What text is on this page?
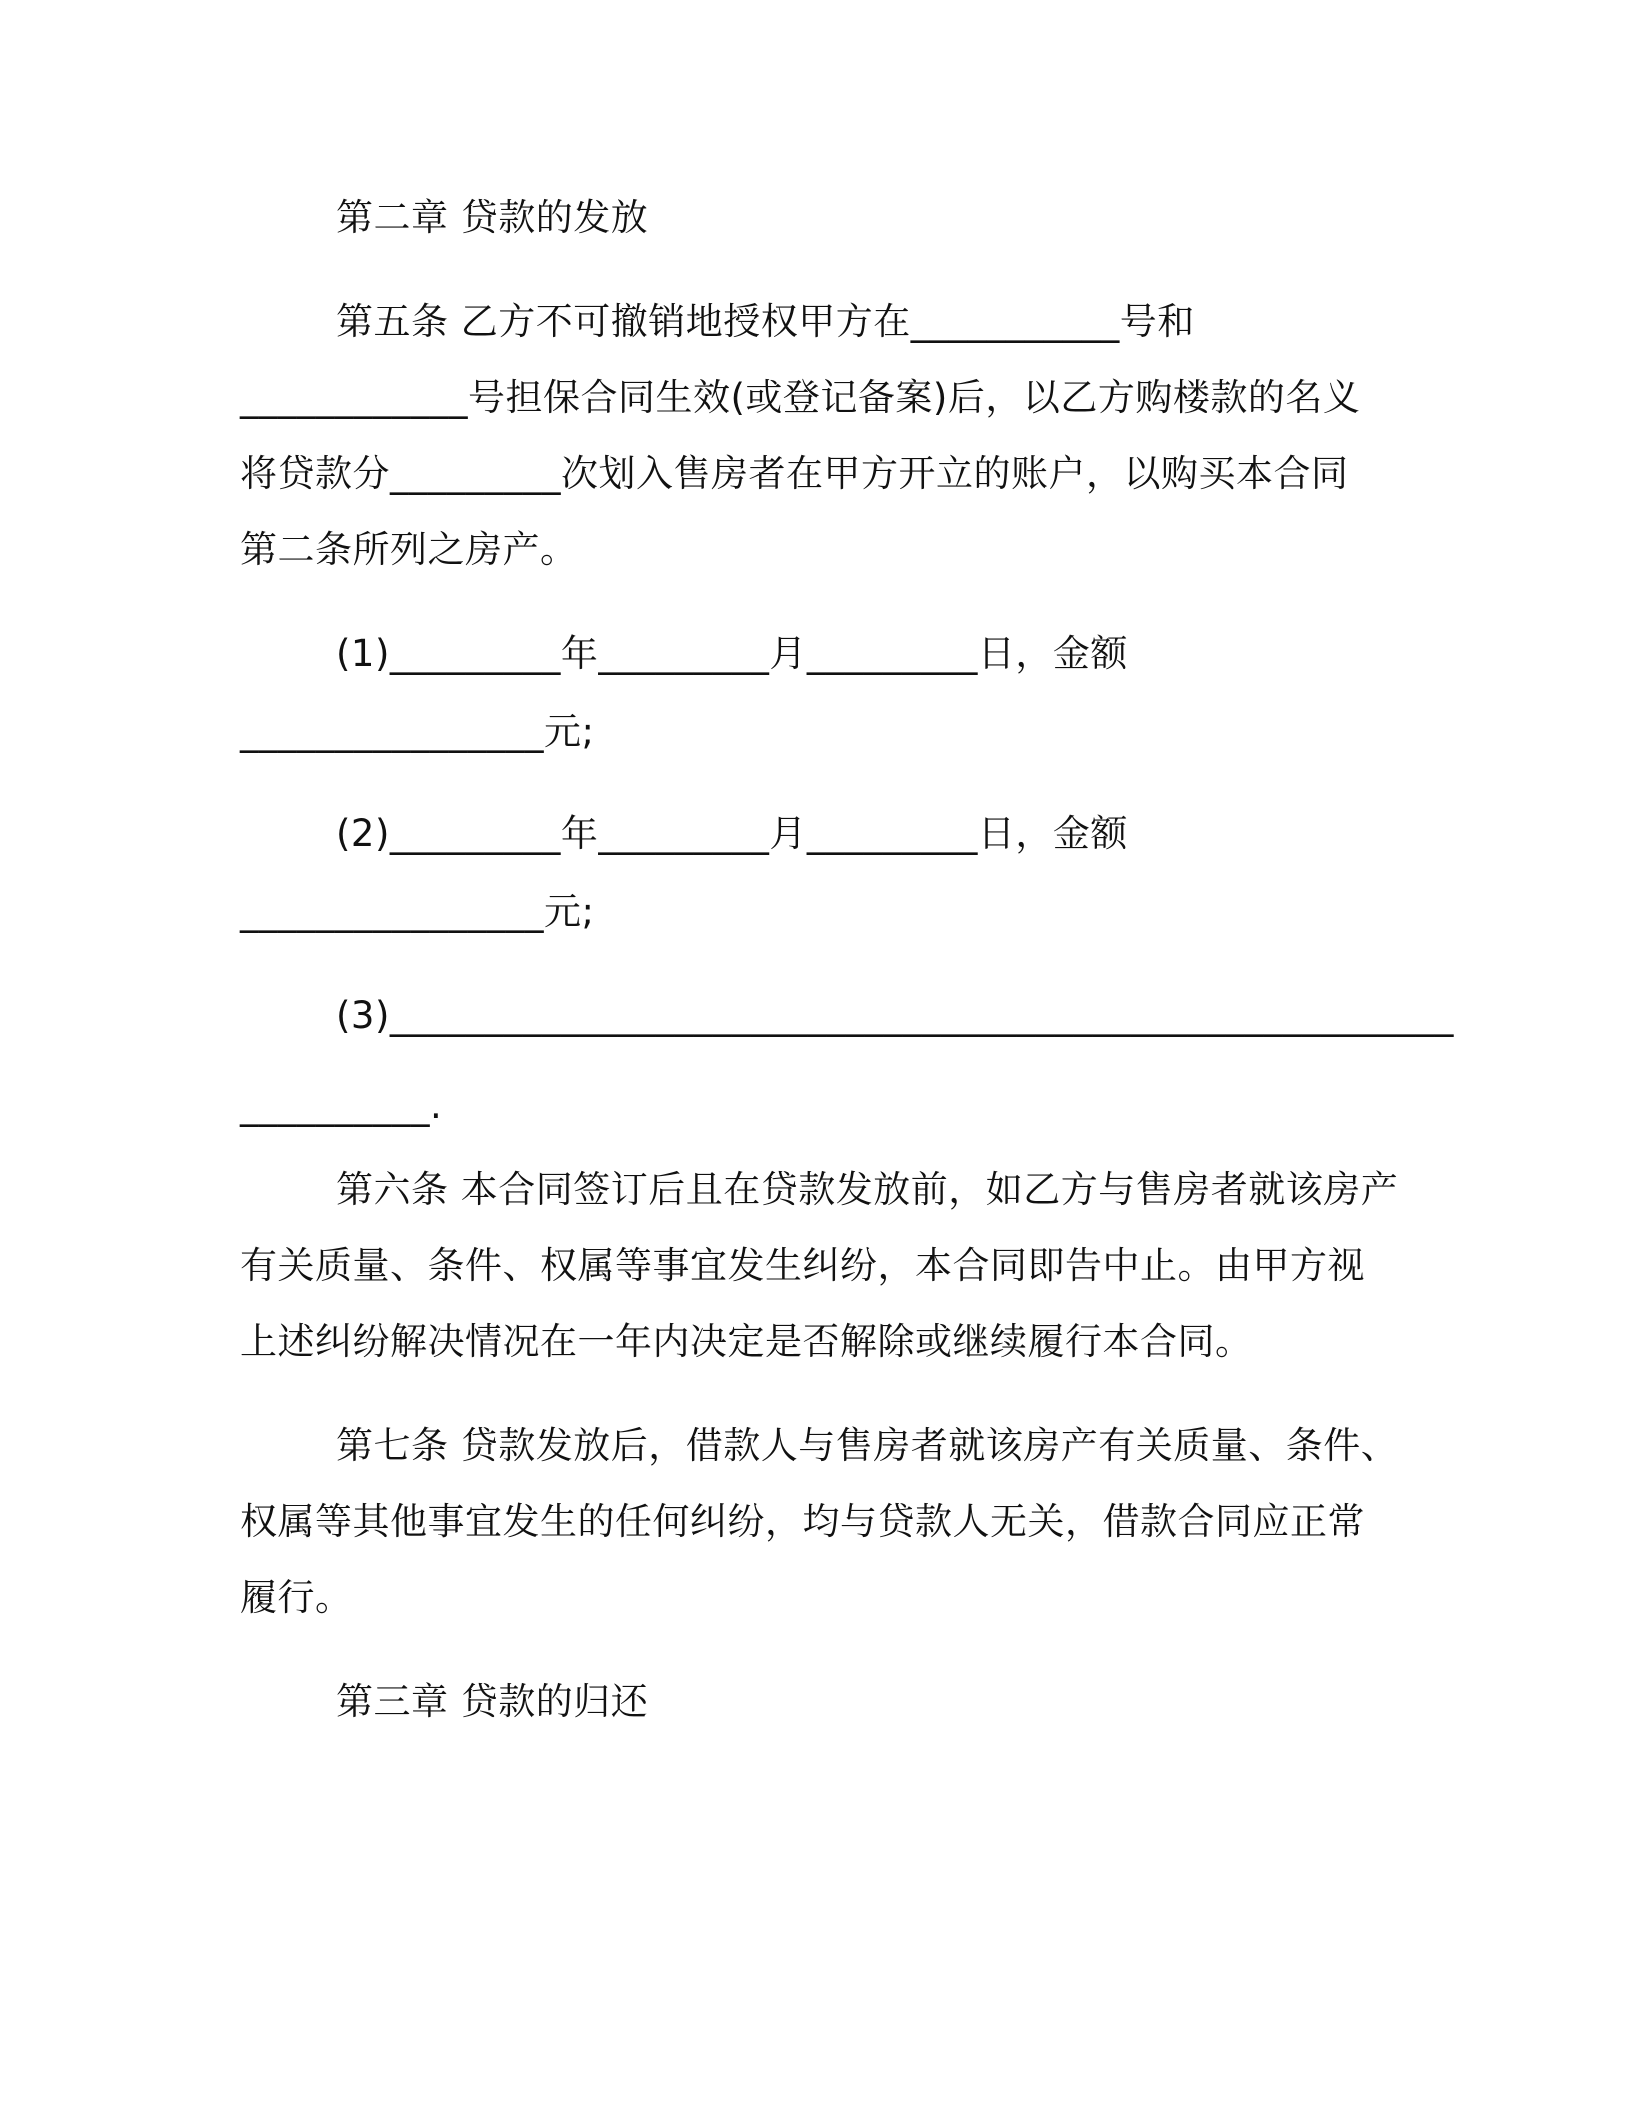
第二章 贷款的发放
第五条 乙方不可撤销地授权甲方在___________号和
____________号担保合同生效(或登记备案)后，以乙方购楼款的名义
将贷款分_________次划入售房者在甲方开立的账户，以购买本合同
第二条所列之房产。
(1)_________年_________月_________日，金额
________________元;
(2)_________年_________月_________日，金额
________________元;
(3)________________________________________________________
__________.
第六条 本合同签订后且在贷款发放前，如乙方与售房者就该房产
有关质量、条件、权属等事宜发生纠纷，本合同即告中止。由甲方视
上述纠纷解决情况在一年内决定是否解除或继续履行本合同。
第七条 贷款发放后，借款人与售房者就该房产有关质量、条件、
权属等其他事宜发生的任何纠纷，均与贷款人无关，借款合同应正常
履行。
第三章 贷款的归还
